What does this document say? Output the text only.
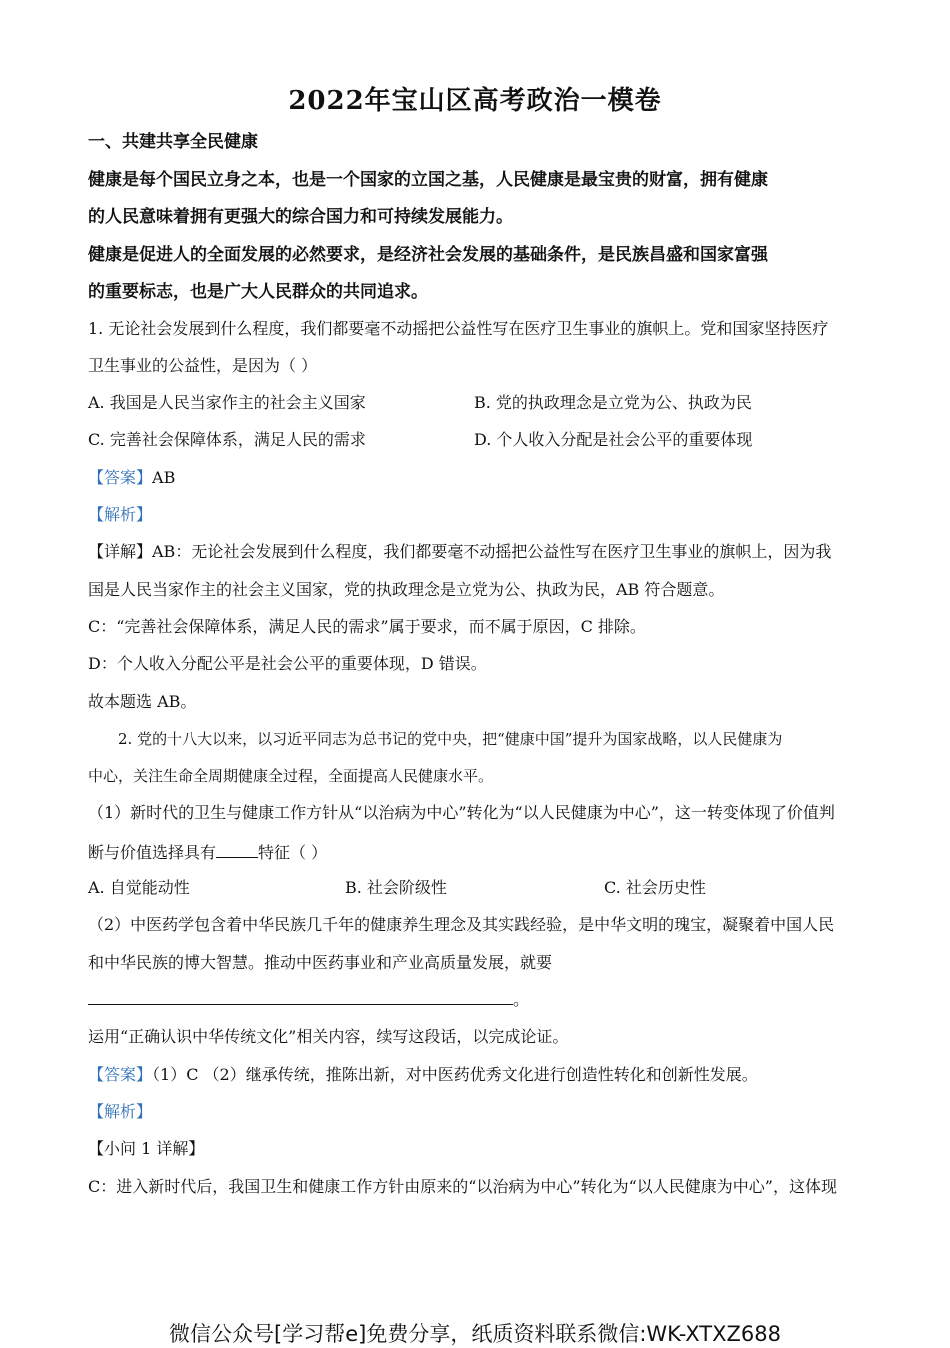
2022年宝山区高考政治一模卷
一、共建共享全民健康
健康是每个国民立身之本，也是一个国家的立国之基，人民健康是最宝贵的财富，拥有健康
的人民意味着拥有更强大的综合国力和可持续发展能力。
健康是促进人的全面发展的必然要求，是经济社会发展的基础条件，是民族昌盛和国家富强
的重要标志，也是广大人民群众的共同追求。
1. 无论社会发展到什么程度，我们都要毫不动摇把公益性写在医疗卫生事业的旗帜上。党和国家坚持医疗
卫生事业的公益性，是因为（ ）
A. 我国是人民当家作主的社会主义国家	B. 党的执政理念是立党为公、执政为民
C. 完善社会保障体系，满足人民的需求	D. 个人收入分配是社会公平的重要体现
【答案】AB
【解析】
【详解】AB：无论社会发展到什么程度，我们都要毫不动摇把公益性写在医疗卫生事业的旗帜上，因为我
国是人民当家作主的社会主义国家，党的执政理念是立党为公、执政为民，AB 符合题意。
C：“完善社会保障体系，满足人民的需求”属于要求，而不属于原因，C 排除。
D：个人收入分配公平是社会公平的重要体现，D 错误。
故本题选 AB。
2. 党的十八大以来，以习近平同志为总书记的党中央，把“健康中国”提升为国家战略，以人民健康为
中心，关注生命全周期健康全过程，全面提高人民健康水平。
（1）新时代的卫生与健康工作方针从“以治病为中心”转化为“以人民健康为中心”，这一转变体现了价值判
断与价值选择具有	特征（ ）
A. 自觉能动性	B. 社会阶级性	C. 社会历史性
（2）中医药学包含着中华民族几千年的健康养生理念及其实践经验，是中华文明的瑰宝，凝聚着中国人民
和中华民族的博大智慧。推动中医药事业和产业高质量发展，就要
。
运用“正确认识中华传统文化”相关内容，续写这段话，以完成论证。
【答案】（1）C （2）继承传统，推陈出新，对中医药优秀文化进行创造性转化和创新性发展。
【解析】
【小问 1 详解】
C：进入新时代后，我国卫生和健康工作方针由原来的“以治病为中心”转化为“以人民健康为中心”，这体现
微信公众号[学习帮e]免费分享，纸质资料联系微信:WK-XTXZ688
